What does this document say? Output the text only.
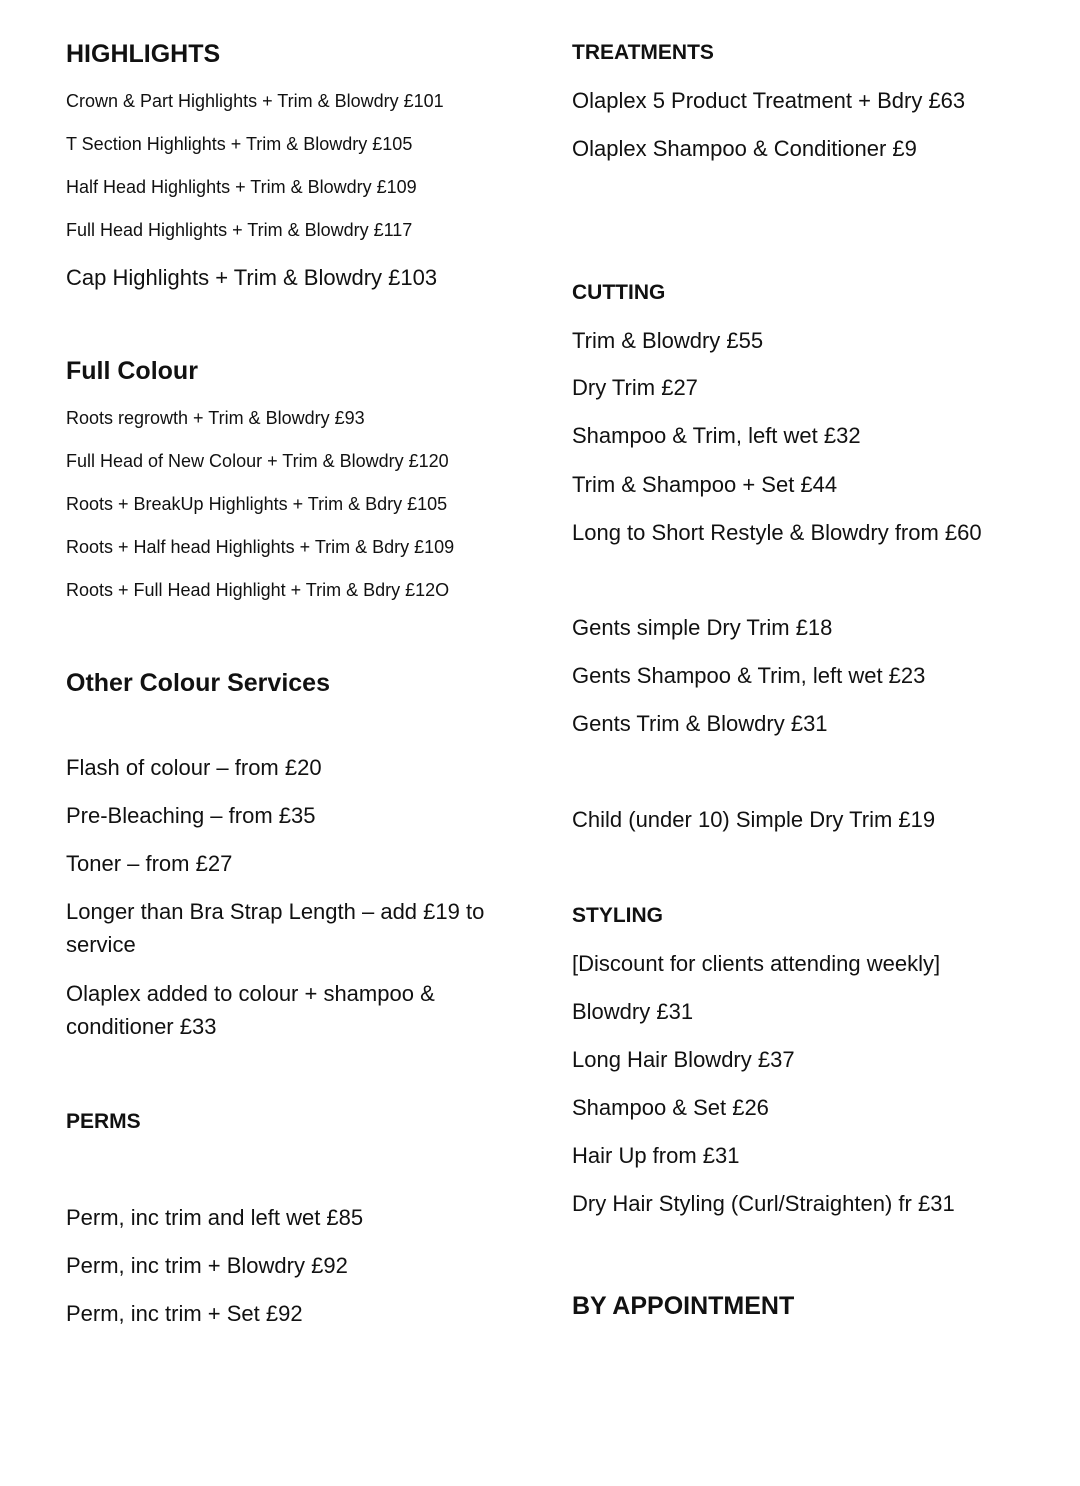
HIGHLIGHTS

Crown & Part Highlights + Trim & Blowdry £101

T Section Highlights + Trim & Blowdry £105

Half Head Highlights + Trim & Blowdry £109

Full Head Highlights + Trim & Blowdry £117

Cap Highlights + Trim & Blowdry £103

Full Colour

Roots regrowth + Trim & Blowdry £93

Full Head of New Colour + Trim & Blowdry £120

Roots + BreakUp Highlights + Trim & Bdry £105

Roots + Half head Highlights + Trim & Bdry £109

Roots + Full Head Highlight + Trim & Bdry £12O

Other Colour Services

Flash of colour – from £20

Pre-Bleaching – from £35

Toner – from £27

Longer than Bra Strap Length – add £19 to service

Olaplex added to colour + shampoo & conditioner £33

PERMS

Perm, inc trim and left wet £85

Perm, inc trim + Blowdry £92

Perm, inc trim + Set £92

TREATMENTS

Olaplex 5 Product Treatment + Bdry £63

Olaplex Shampoo & Conditioner £9

CUTTING

Trim & Blowdry £55

Dry Trim £27

Shampoo & Trim, left wet £32

Trim & Shampoo + Set £44

Long to Short Restyle & Blowdry from £60

Gents simple Dry Trim £18

Gents Shampoo & Trim, left wet £23

Gents Trim & Blowdry £31

Child (under 10) Simple Dry Trim £19

STYLING

[Discount for clients attending weekly]

Blowdry £31

Long Hair Blowdry £37

Shampoo & Set £26

Hair Up from £31

Dry Hair Styling (Curl/Straighten) fr £31

BY APPOINTMENT
